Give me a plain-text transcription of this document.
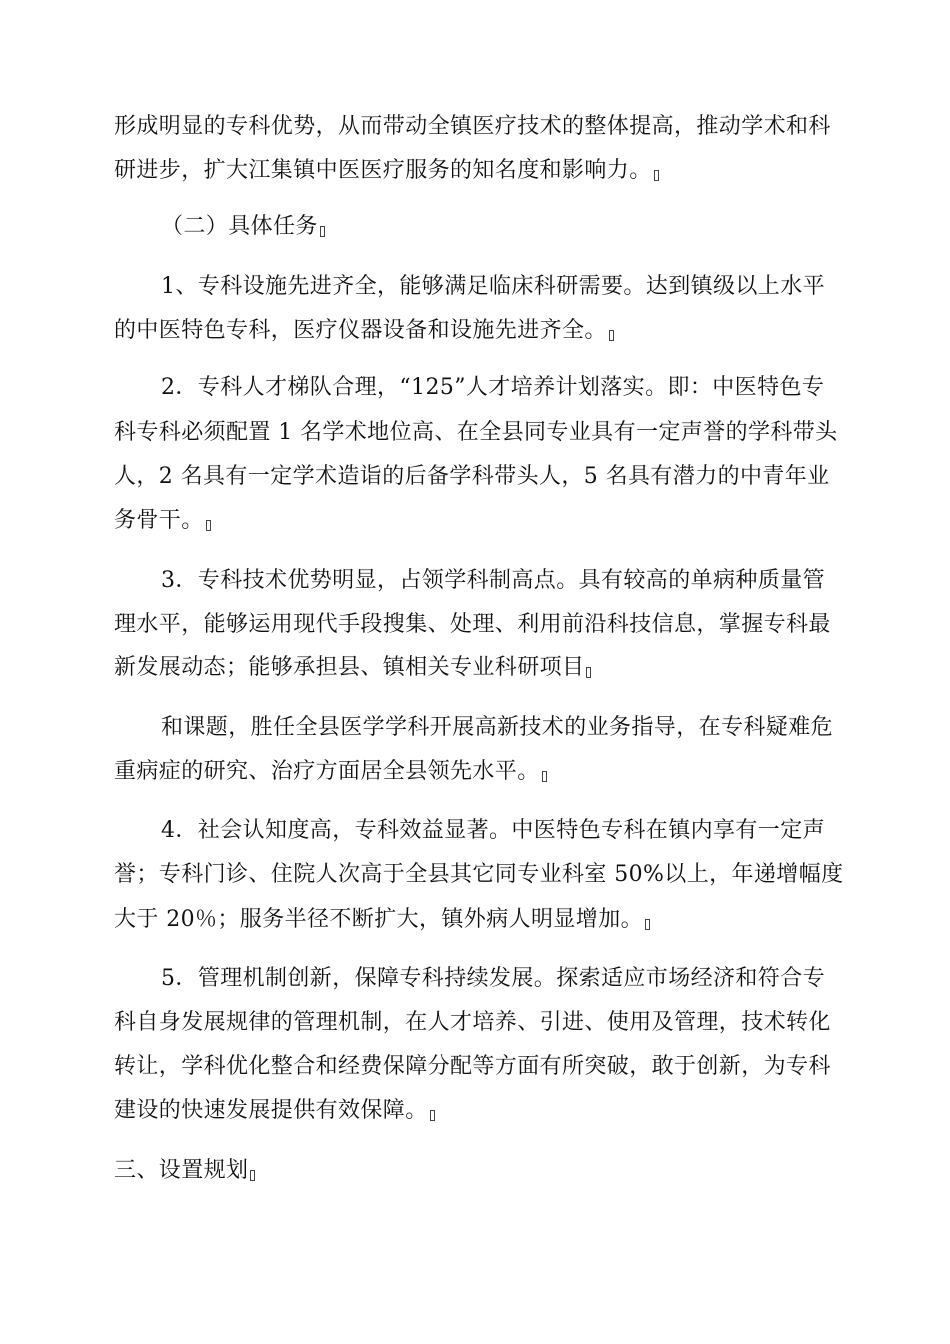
形成明显的专科优势，从而带动全镇医疗技术的整体提高，推动学术和科
研进步，扩大江集镇中医医疗服务的知名度和影响力。
（二）具体任务
1、专科设施先进齐全，能够满足临床科研需要。达到镇级以上水平
的中医特色专科，医疗仪器设备和设施先进齐全。
2．专科人才梯队合理，“125”人才培养计划落实。即：中医特色专
科专科必须配置 1 名学术地位高、在全县同专业具有一定声誉的学科带头
人，2 名具有一定学术造诣的后备学科带头人，5 名具有潜力的中青年业
务骨干。
3．专科技术优势明显，占领学科制高点。具有较高的单病种质量管
理水平，能够运用现代手段搜集、处理、利用前沿科技信息，掌握专科最
新发展动态；能够承担县、镇相关专业科研项目
和课题，胜任全县医学学科开展高新技术的业务指导，在专科疑难危
重病症的研究、治疗方面居全县领先水平。
4．社会认知度高，专科效益显著。中医特色专科在镇内享有一定声
誉；专科门诊、住院人次高于全县其它同专业科室 50%以上，年递增幅度
大于 20％；服务半径不断扩大，镇外病人明显增加。
5．管理机制创新，保障专科持续发展。探索适应市场经济和符合专
科自身发展规律的管理机制，在人才培养、引进、使用及管理，技术转化
转让，学科优化整合和经费保障分配等方面有所突破，敢于创新，为专科
建设的快速发展提供有效保障。
三、设置规划
